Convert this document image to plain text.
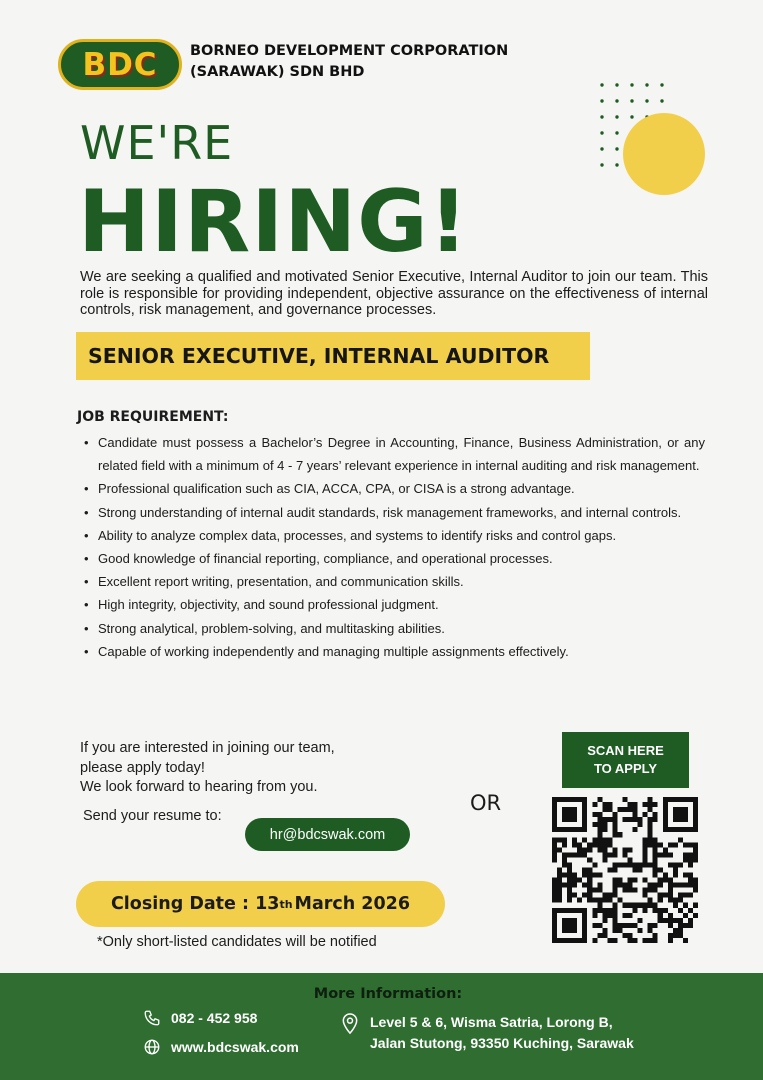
BDC BORNEO DEVELOPMENT CORPORATION
(SARAWAK) SDN BHD
WE'RE
HIRING!

We are seeking a qualified and motivated Senior Executive, Internal Auditor to join our team. This role is responsible for providing independent, objective assurance on the effectiveness of internal controls, risk management, and governance processes.

SENIOR EXECUTIVE, INTERNAL AUDITOR
JOB REQUIREMENT:
• Candidate must possess a Bachelor’s Degree in Accounting, Finance, Business Administration, or any related field with a minimum of 4 - 7 years’ relevant experience in internal auditing and risk management.
• Professional qualification such as CIA, ACCA, CPA, or CISA is a strong advantage.
• Strong understanding of internal audit standards, risk management frameworks, and internal controls.
• Ability to analyze complex data, processes, and systems to identify risks and control gaps.
• Good knowledge of financial reporting, compliance, and operational processes.
• Excellent report writing, presentation, and communication skills.
• High integrity, objectivity, and sound professional judgment.
• Strong analytical, problem-solving, and multitasking abilities.
• Capable of working independently and managing multiple assignments effectively.
If you are interested in joining our team,
please apply today!
We look forward to hearing from you.
Send your resume to:
hr@bdcswak.com
OR
SCAN HERE
TO APPLY
Closing Date : 13 th March 2026
*Only short-listed candidates will be notified
More Information:
082 - 452 958
www.bdcswak.com
Level 5 & 6, Wisma Satria, Lorong B,
Jalan Stutong, 93350 Kuching, Sarawak
